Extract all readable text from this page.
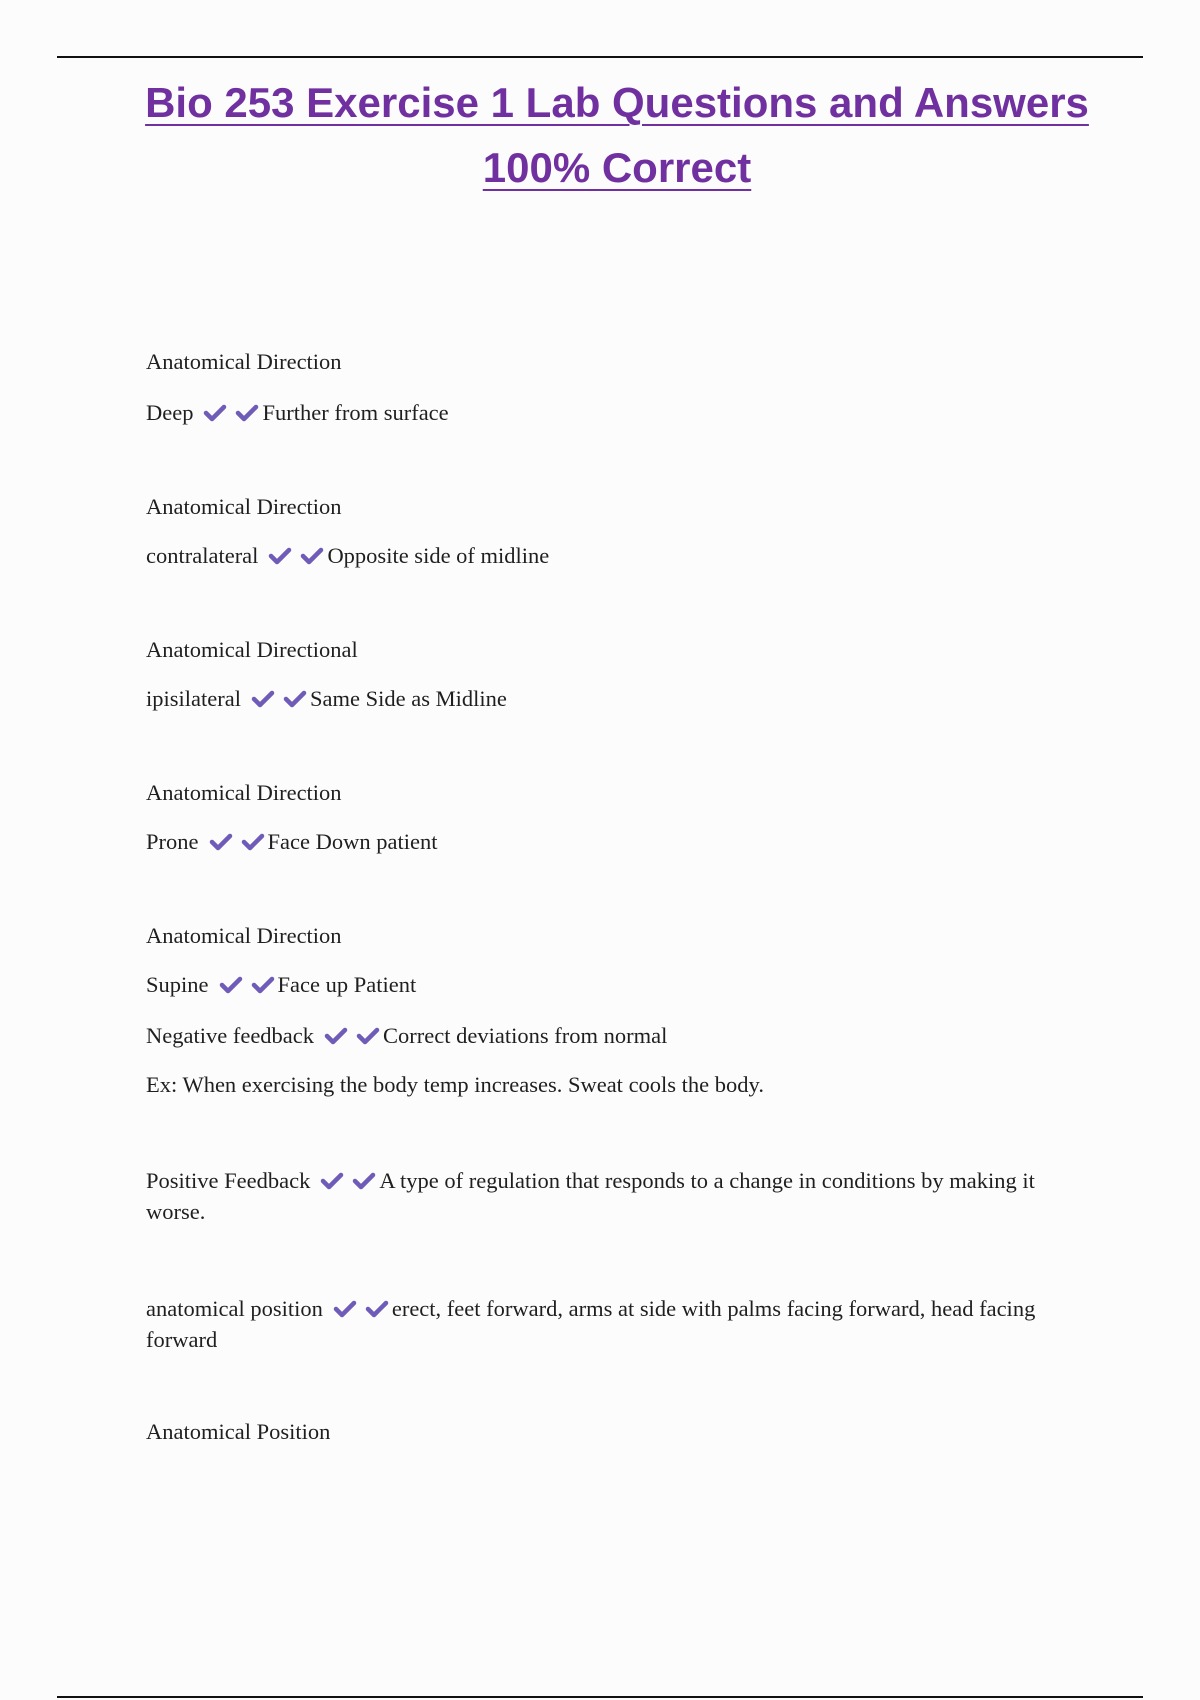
Bio 253 Exercise 1 Lab Questions and Answers
100% Correct
Anatomical Direction
Deep	Further from surface
Anatomical Direction
contralateral	Opposite side of midline
Anatomical Directional
ipisilateral	Same Side as Midline
Anatomical Direction
Prone	Face Down patient
Anatomical Direction
Supine	Face up Patient
Negative feedback	Correct deviations from normal
Ex: When exercising the body temp increases. Sweat cools the body.
Positive Feedback	A type of regulation that responds to a change in conditions by making it worse.
anatomical position	erect, feet forward, arms at side with palms facing forward, head facing forward
Anatomical Position
